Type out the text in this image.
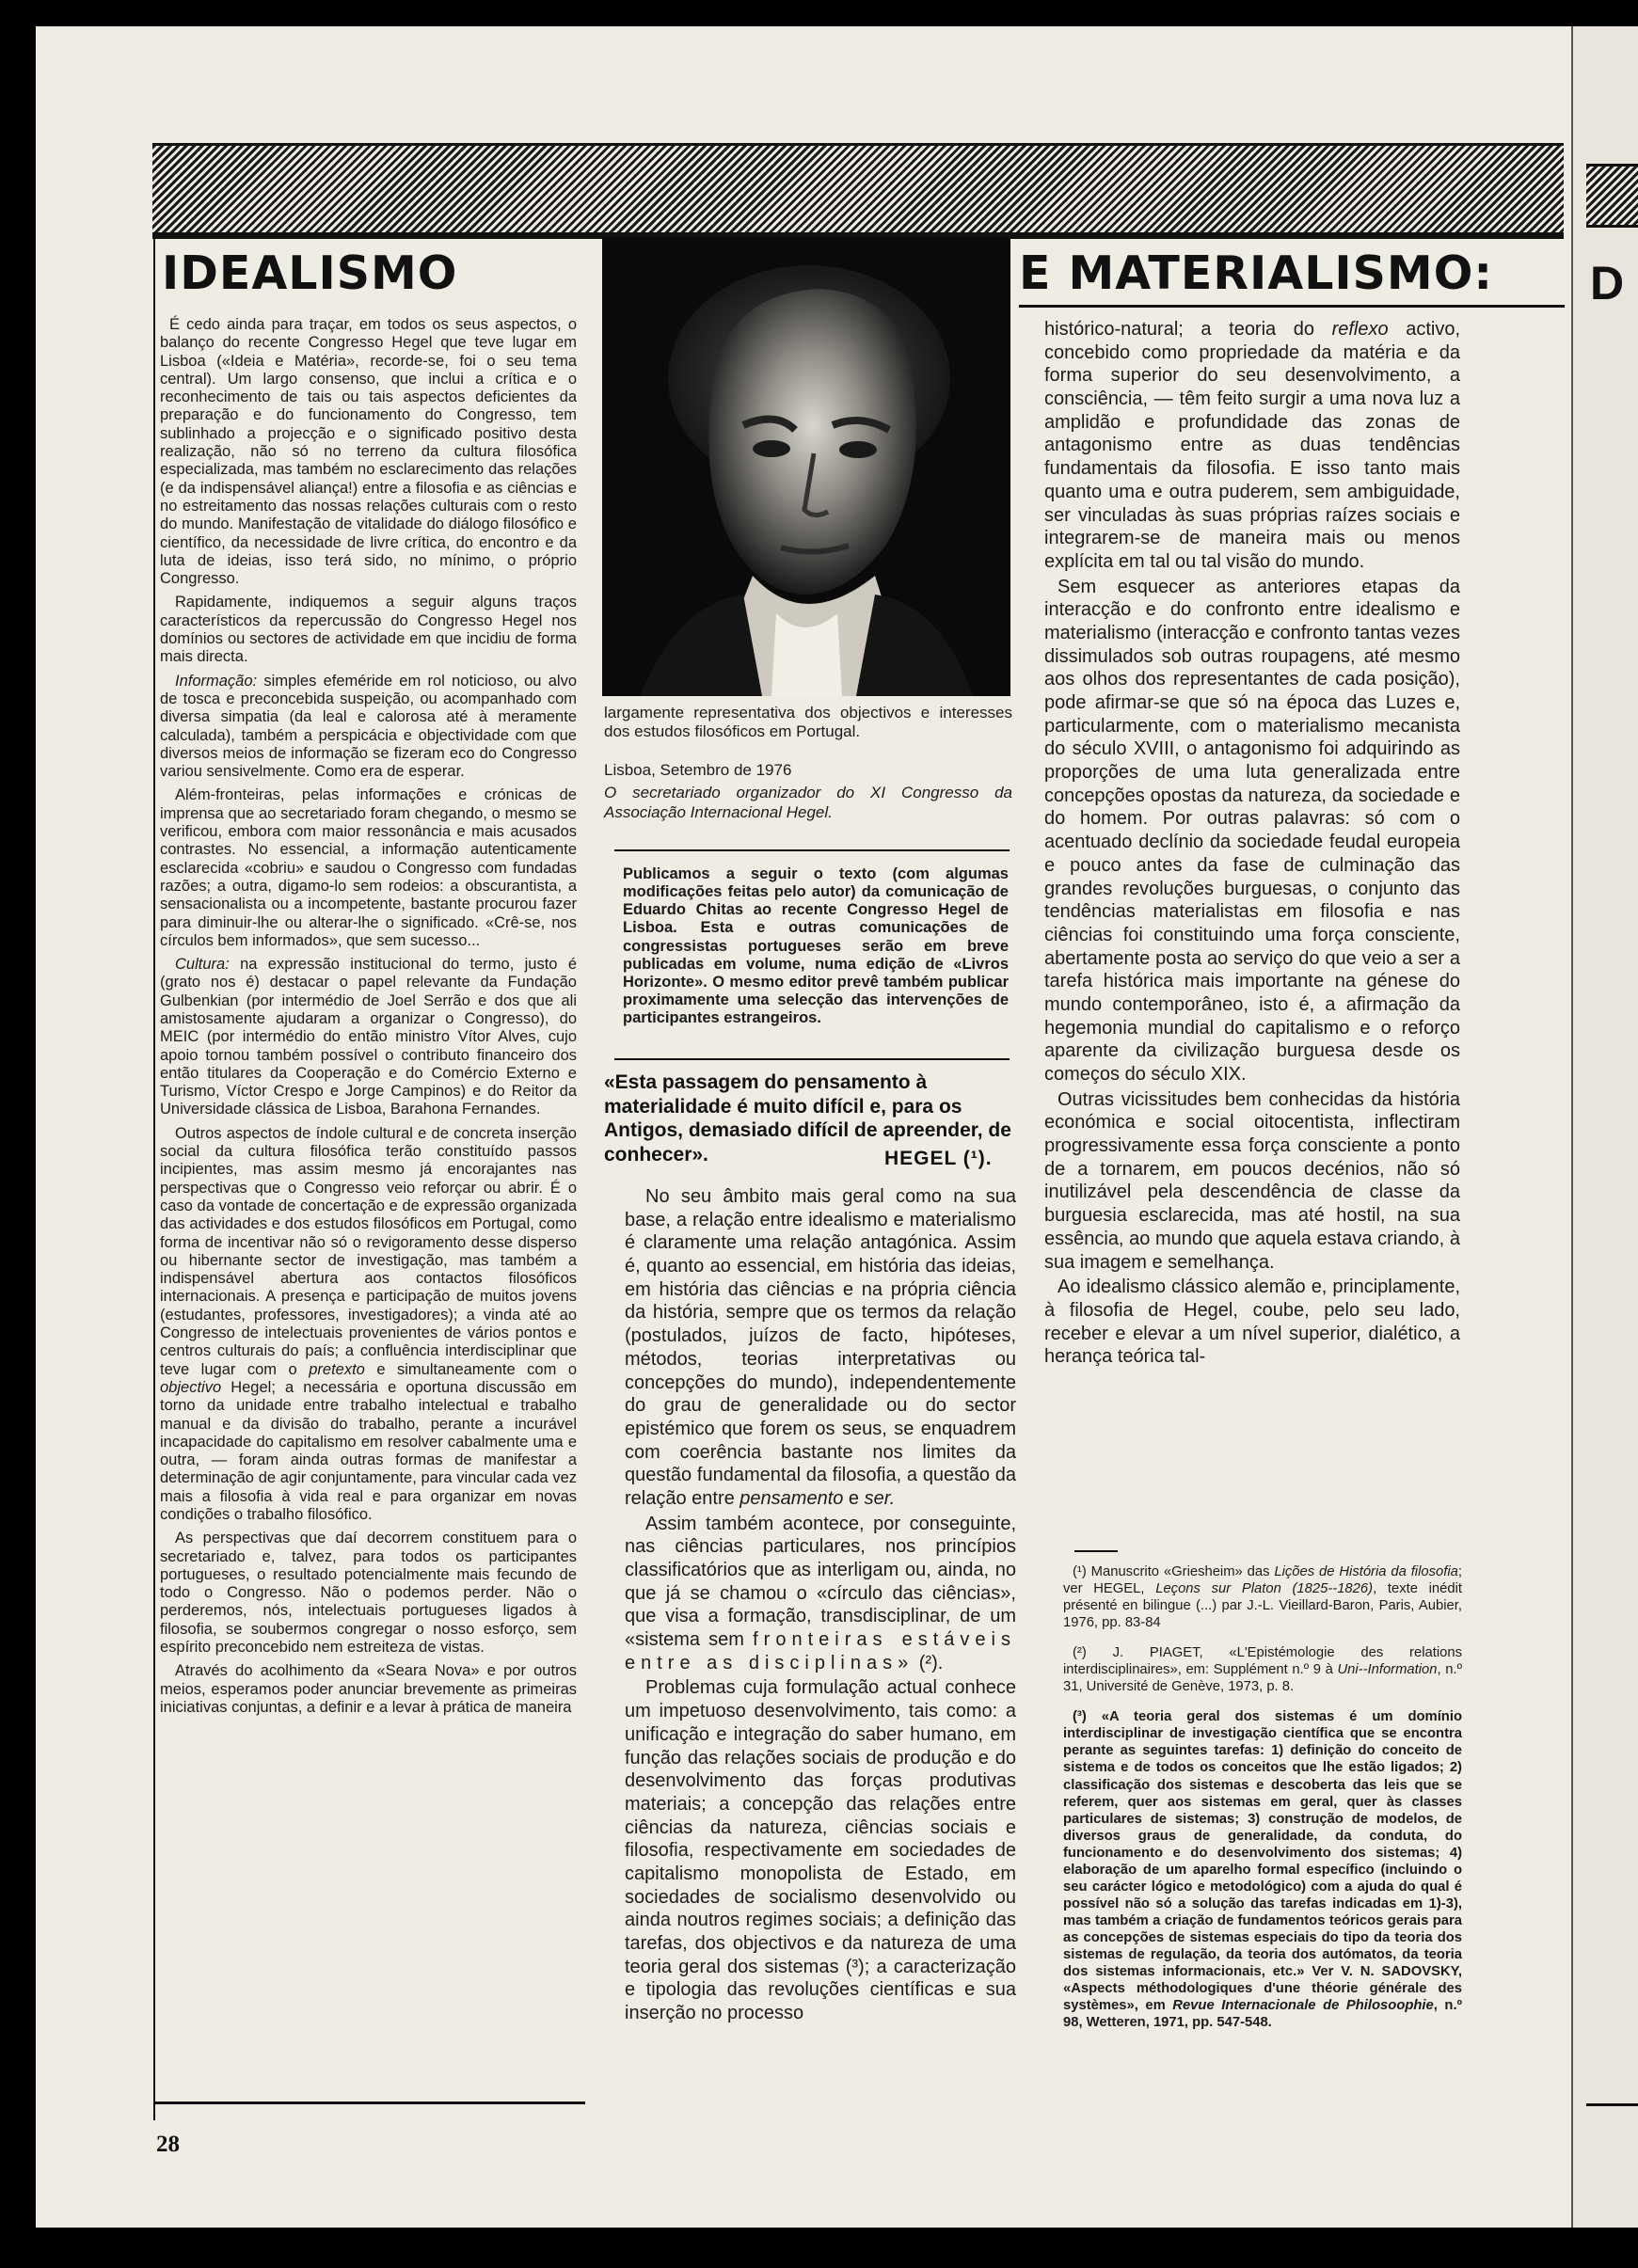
D
IDEALISMO	E MATERIALISMO:

É cedo ainda para traçar, em todos os seus aspectos, o balanço do recente Congresso Hegel que teve lugar em Lisboa («Ideia e Matéria», recorde-se, foi o seu tema central). Um largo consenso, que inclui a crítica e o reconhecimento de tais ou tais aspectos deficientes da preparação e do funcionamento do Congresso, tem sublinhado a projecção e o significado positivo desta realização, não só no terreno da cultura filosófica especializada, mas também no esclarecimento das relações (e da indispensável aliança!) entre a filosofia e as ciências e no estreitamento das nossas relações culturais com o resto do mundo. Manifestação de vitalidade do diálogo filosófico e científico, da necessidade de livre crítica, do encontro e da luta de ideias, isso terá sido, no mínimo, o próprio Congresso.

Rapidamente, indiquemos a seguir alguns traços característicos da repercussão do Congresso Hegel nos domínios ou sectores de actividade em que incidiu de forma mais directa.

Informação: simples efeméride em rol noticioso, ou alvo de tosca e preconcebida suspeição, ou acompanhado com diversa simpatia (da leal e calorosa até à meramente calculada), também a perspicácia e objectividade com que diversos meios de informação se fizeram eco do Congresso variou sensivelmente. Como era de esperar.

Além-fronteiras, pelas informações e crónicas de imprensa que ao secretariado foram chegando, o mesmo se verificou, embora com maior ressonância e mais acusados contrastes. No essencial, a informação autenticamente esclarecida «cobriu» e saudou o Congresso com fundadas razões; a outra, digamo-lo sem rodeios: a obscurantista, a sensacionalista ou a incompetente, bastante procurou fazer para diminuir-lhe ou alterar-lhe o significado. «Crê-se, nos círculos bem informados», que sem sucesso...

Cultura: na expressão institucional do termo, justo é (grato nos é) destacar o papel relevante da Fundação Gulbenkian (por intermédio de Joel Serrão e dos que ali amistosamente ajudaram a organizar o Congresso), do MEIC (por intermédio do então ministro Vítor Alves, cujo apoio tornou também possível o contributo financeiro dos então titulares da Cooperação e do Comércio Externo e Turismo, Víctor Crespo e Jorge Campinos) e do Reitor da Universidade clássica de Lisboa, Barahona Fernandes.

Outros aspectos de índole cultural e de concreta inserção social da cultura filosófica terão constituído passos incipientes, mas assim mesmo já encorajantes nas perspectivas que o Congresso veio reforçar ou abrir. É o caso da vontade de concertação e de expressão organizada das actividades e dos estudos filosóficos em Portugal, como forma de incentivar não só o revigoramento desse disperso ou hibernante sector de investigação, mas também a indispensável abertura aos contactos filosóficos internacionais. A presença e participação de muitos jovens (estudantes, professores, investigadores); a vinda até ao Congresso de intelectuais provenientes de vários pontos e centros culturais do país; a confluência interdisciplinar que teve lugar com o pretexto e simultaneamente com o objectivo Hegel; a necessária e oportuna discussão em torno da unidade entre trabalho intelectual e trabalho manual e da divisão do trabalho, perante a incurável incapacidade do capitalismo em resolver cabalmente uma e outra, — foram ainda outras formas de manifestar a determinação de agir conjuntamente, para vincular cada vez mais a filosofia à vida real e para organizar em novas condições o trabalho filosófico.

As perspectivas que daí decorrem constituem para o secretariado e, talvez, para todos os participantes portugueses, o resultado potencialmente mais fecundo de todo o Congresso. Não o podemos perder. Não o perderemos, nós, intelectuais portugueses ligados à filosofia, se soubermos congregar o nosso esforço, sem espírito preconcebido nem estreiteza de vistas.

Através do acolhimento da «Seara Nova» e por outros meios, esperamos poder anunciar brevemente as primeiras iniciativas conjuntas, a definir e a levar à prática de maneira

largamente representativa dos objectivos e interesses dos estudos filosóficos em Portugal.

Lisboa, Setembro de 1976

O secretariado organizador do XI Congresso da Associação Internacional Hegel.

Publicamos a seguir o texto (com algumas modificações feitas pelo autor) da comunicação de Eduardo Chitas ao recente Congresso Hegel de Lisboa. Esta e outras comunicações de congressistas portugueses serão em breve publicadas em volume, numa edição de «Livros Horizonte». O mesmo editor prevê também publicar proximamente uma selecção das intervenções de participantes estrangeiros.

«Esta passagem do pensamento à materialidade é muito difícil e, para os Antigos, demasiado difícil de apreender, de conhecer».	HEGEL (¹).

No seu âmbito mais geral como na sua base, a relação entre idealismo e materialismo é claramente uma relação antagónica. Assim é, quanto ao essencial, em história das ideias, em história das ciências e na própria ciência da história, sempre que os termos da relação (postulados, juízos de facto, hipóteses, métodos, teorias interpretativas ou concepções do mundo), independentemente do grau de generalidade ou do sector epistémico que forem os seus, se enquadrem com coerência bastante nos limites da questão fundamental da filosofia, a questão da relação entre pensamento e ser.

Assim também acontece, por conseguinte, nas ciências particulares, nos princípios classificatórios que as interligam ou, ainda, no que já se chamou o «círculo das ciências», que visa a formação, transdisciplinar, de um «sistema sem fronteiras estáveis entre as disciplinas» (²).

Problemas cuja formulação actual conhece um impetuoso desenvolvimento, tais como: a unificação e integração do saber humano, em função das relações sociais de produção e do desenvolvimento das forças produtivas materiais; a concepção das relações entre ciências da natureza, ciências sociais e filosofia, respectivamente em sociedades de capitalismo monopolista de Estado, em sociedades de socialismo desenvolvido ou ainda noutros regimes sociais; a definição das tarefas, dos objectivos e da natureza de uma teoria geral dos sistemas (³); a caracterização e tipologia das revoluções científicas e sua inserção no processo

histórico-natural; a teoria do reflexo activo, concebido como propriedade da matéria e da forma superior do seu desenvolvimento, a consciência, — têm feito surgir a uma nova luz a amplidão e profundidade das zonas de antagonismo entre as duas tendências fundamentais da filosofia. E isso tanto mais quanto uma e outra puderem, sem ambiguidade, ser vinculadas às suas próprias raízes sociais e integrarem-se de maneira mais ou menos explícita em tal ou tal visão do mundo.

Sem esquecer as anteriores etapas da interacção e do confronto entre idealismo e materialismo (interacção e confronto tantas vezes dissimulados sob outras roupagens, até mesmo aos olhos dos representantes de cada posição), pode afirmar-se que só na época das Luzes e, particularmente, com o materialismo mecanista do século XVIII, o antagonismo foi adquirindo as proporções de uma luta generalizada entre concepções opostas da natureza, da sociedade e do homem. Por outras palavras: só com o acentuado declínio da sociedade feudal europeia e pouco antes da fase de culminação das grandes revoluções burguesas, o conjunto das tendências materialistas em filosofia e nas ciências foi constituindo uma força consciente, abertamente posta ao serviço do que veio a ser a tarefa histórica mais importante na génese do mundo contemporâneo, isto é, a afirmação da hegemonia mundial do capitalismo e o reforço aparente da civilização burguesa desde os começos do século XIX.

Outras vicissitudes bem conhecidas da história económica e social oitocentista, inflectiram progressivamente essa força consciente a ponto de a tornarem, em poucos decénios, não só inutilizável pela descendência de classe da burguesia esclarecida, mas até hostil, na sua essência, ao mundo que aquela estava criando, à sua imagem e semelhança.

Ao idealismo clássico alemão e, principlamente, à filosofia de Hegel, coube, pelo seu lado, receber e elevar a um nível superior, dialético, a herança teórica tal-

(¹) Manuscrito «Griesheim» das Lições de História da filosofia; ver HEGEL, Leçons sur Platon (1825--1826), texte inédit présenté en bilingue (...) par J.-L. Vieillard-Baron, Paris, Aubier, 1976, pp. 83-84

(²) J. PIAGET, «L'Epistémologie des relations interdisciplinaires», em: Supplément n.º 9 à Uni--Information, n.º 31, Université de Genève, 1973, p. 8.

(³) «A teoria geral dos sistemas é um domínio interdisciplinar de investigação científica que se encontra perante as seguintes tarefas: 1) definição do conceito de sistema e de todos os conceitos que lhe estão ligados; 2) classificação dos sistemas e descoberta das leis que se referem, quer aos sistemas em geral, quer às classes particulares de sistemas; 3) construção de modelos, de diversos graus de generalidade, da conduta, do funcionamento e do desenvolvimento dos sistemas; 4) elaboração de um aparelho formal específico (incluindo o seu carácter lógico e metodológico) com a ajuda do qual é possível não só a solução das tarefas indicadas em 1)-3), mas também a criação de fundamentos teóricos gerais para as concepções de sistemas especiais do tipo da teoria dos sistemas de regulação, da teoria dos autómatos, da teoria dos sistemas informacionais, etc.» Ver V. N. SADOVSKY, «Aspects méthodologiques d'une théorie générale des systèmes», em Revue Internacionale de Philosoophie, n.º 98, Wetteren, 1971, pp. 547-548.

28
